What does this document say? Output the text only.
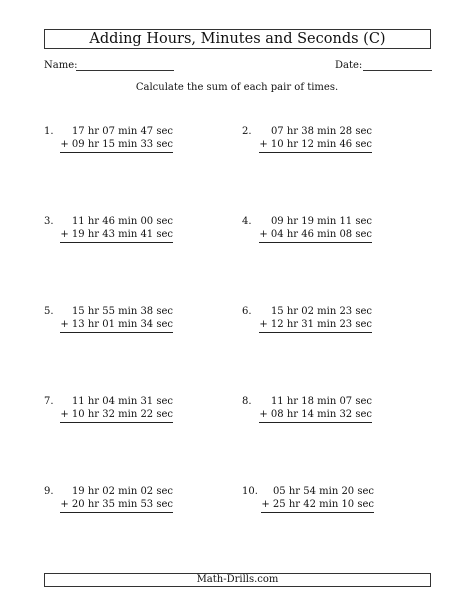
Adding Hours, Minutes and Seconds (C)
Name:	Date:
Calculate the sum of each pair of times.
1. 17 hr 07 min 47 sec
+ 09 hr 15 min 33 sec
2. 07 hr 38 min 28 sec
+ 10 hr 12 min 46 sec
3. 11 hr 46 min 00 sec
+ 19 hr 43 min 41 sec
4. 09 hr 19 min 11 sec
+ 04 hr 46 min 08 sec
5. 15 hr 55 min 38 sec
+ 13 hr 01 min 34 sec
6. 15 hr 02 min 23 sec
+ 12 hr 31 min 23 sec
7. 11 hr 04 min 31 sec
+ 10 hr 32 min 22 sec
8. 11 hr 18 min 07 sec
+ 08 hr 14 min 32 sec
9. 19 hr 02 min 02 sec
+ 20 hr 35 min 53 sec
10. 05 hr 54 min 20 sec
+ 25 hr 42 min 10 sec
Math-Drills.com
